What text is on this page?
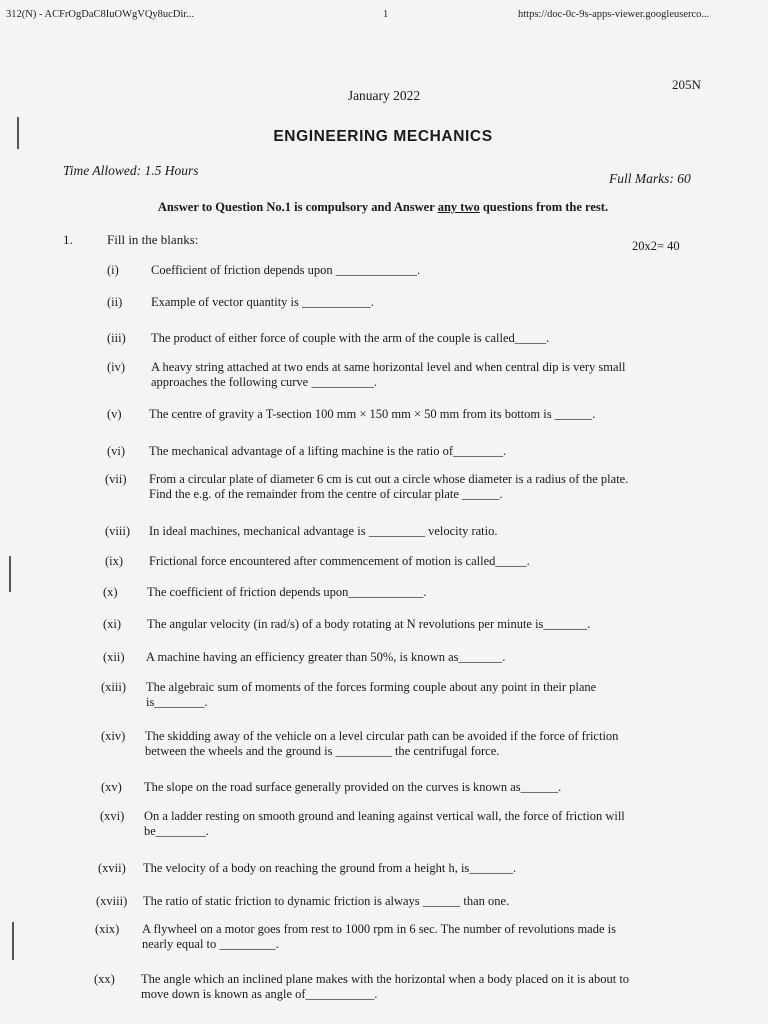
312(N) - ACFrOgDaC8IuOWgVQy8ucDir...	1	https://doc-0c-9s-apps-viewer.googleuserco...
205N
January 2022
ENGINEERING MECHANICS
Time Allowed: 1.5 Hours
Full Marks: 60
Answer to Question No.1 is compulsory and Answer any two questions from the rest.
1.	Fill in the blanks:	20x2= 40
(i)	Coefficient of friction depends upon _____________.
(ii) Example of vector quantity is ___________.
(iii) The product of either force of couple with the arm of the couple is called_____.
(iv) A heavy string attached at two ends at same horizontal level and when central dip is very small
approaches the following curve __________.
(v) The centre of gravity a T-section 100 mm × 150 mm × 50 mm from its bottom is ______.
(vi) The mechanical advantage of a lifting machine is the ratio of________.
(vii) From a circular plate of diameter 6 cm is cut out a circle whose diameter is a radius of the plate.
Find the e.g. of the remainder from the centre of circular plate ______.
(viii) In ideal machines, mechanical advantage is _________ velocity ratio.
(ix) Frictional force encountered after commencement of motion is called_____.
(x) The coefficient of friction depends upon____________.
(xi) The angular velocity (in rad/s) of a body rotating at N revolutions per minute is_______.
(xii) A machine having an efficiency greater than 50%, is known as_______.
(xiii) The algebraic sum of moments of the forces forming couple about any point in their plane
is________.
(xiv) The skidding away of the vehicle on a level circular path can be avoided if the force of friction
between the wheels and the ground is _________ the centrifugal force.
(xv) The slope on the road surface generally provided on the curves is known as______.
(xvi) On a ladder resting on smooth ground and leaning against vertical wall, the force of friction will
be________.
(xvii) The velocity of a body on reaching the ground from a height h, is_______.
(xviii) The ratio of static friction to dynamic friction is always ______ than one.
(xix) A flywheel on a motor goes from rest to 1000 rpm in 6 sec. The number of revolutions made is
nearly equal to _________.
(xx) The angle which an inclined plane makes with the horizontal when a body placed on it is about to
move down is known as angle of___________.
